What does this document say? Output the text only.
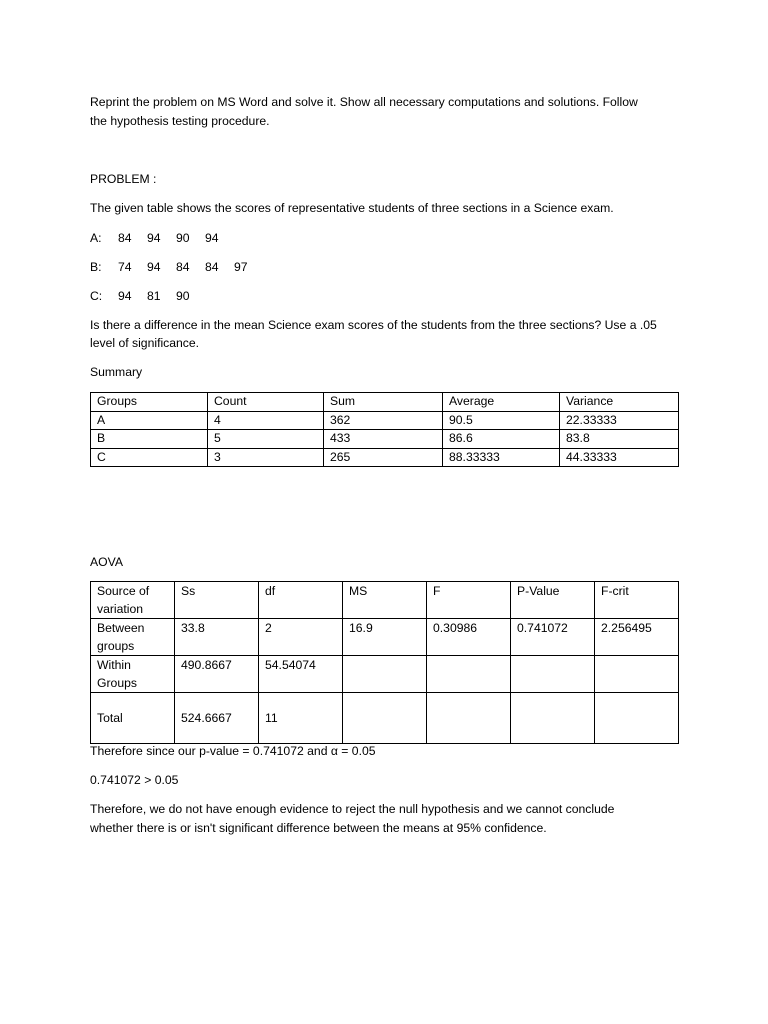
Reprint the problem on MS Word and solve it. Show all necessary computations and solutions. Follow
the hypothesis testing procedure.
PROBLEM :
The given table shows the scores of representative students of three sections in a Science exam.
A:	84	94	90	94
B:	74	94	84	84	97
C:	94	81	90
Is there a difference in the mean Science exam scores of the students from the three sections? Use a .05
level of significance.
Summary
Groups	Count	Sum	Average	Variance
A	4	362	90.5	22.33333
B	5	433	86.6	83.8
C	3	265	88.33333	44.33333
AOVA
Source of variation	Ss	df	MS	F	P-Value	F-crit
Between groups	33.8	2	16.9	0.30986	0.741072	2.256495
Within Groups	490.8667	54.54074				
Total	524.6667	11				
Therefore since our p-value = 0.741072 and α = 0.05
0.741072 > 0.05
Therefore, we do not have enough evidence to reject the null hypothesis and we cannot conclude
whether there is or isn't significant difference between the means at 95% confidence.
